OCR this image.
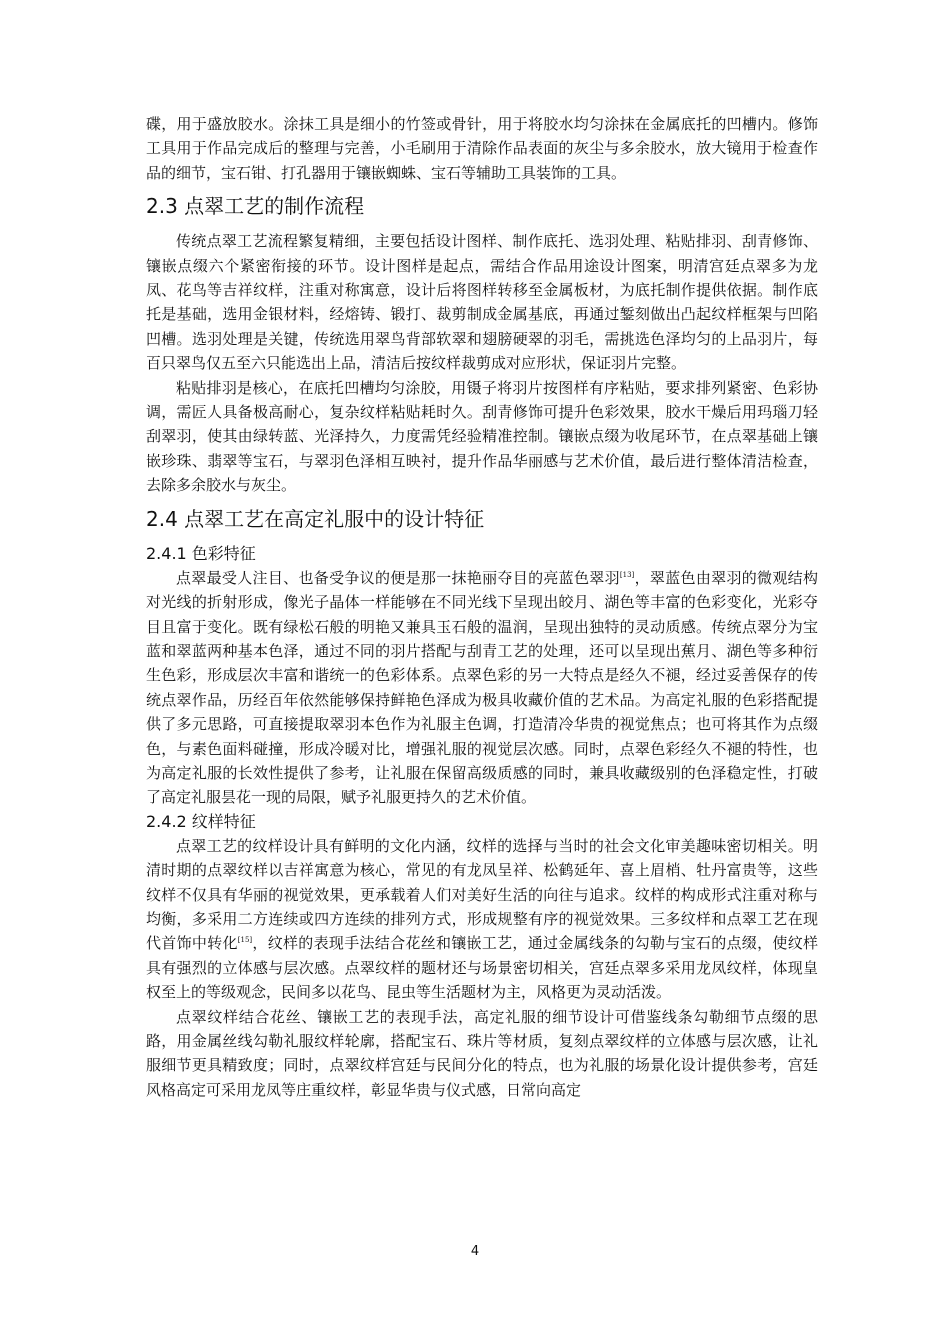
碟，用于盛放胶水。涂抹工具是细小的竹签或骨针，用于将胶水均匀涂抹在金属底托的凹槽内。修饰工具用于作品完成后的整理与完善，小毛刷用于清除作品表面的灰尘与多余胶水，放大镜用于检查作品的细节，宝石钳、打孔器用于镶嵌蜘蛛、宝石等辅助工具装饰的工具。

2.3 点翠工艺的制作流程

传统点翠工艺流程繁复精细，主要包括设计图样、制作底托、选羽处理、粘贴排羽、刮青修饰、镶嵌点缀六个紧密衔接的环节。设计图样是起点，需结合作品用途设计图案，明清宫廷点翠多为龙凤、花鸟等吉祥纹样，注重对称寓意，设计后将图样转移至金属板材，为底托制作提供依据。制作底托是基础，选用金银材料，经熔铸、锻打、裁剪制成金属基底，再通过錾刻做出凸起纹样框架与凹陷凹槽。选羽处理是关键，传统选用翠鸟背部软翠和翅膀硬翠的羽毛，需挑选色泽均匀的上品羽片，每百只翠鸟仅五至六只能选出上品，清洁后按纹样裁剪成对应形状，保证羽片完整。

粘贴排羽是核心，在底托凹槽均匀涂胶，用镊子将羽片按图样有序粘贴，要求排列紧密、色彩协调，需匠人具备极高耐心，复杂纹样粘贴耗时久。刮青修饰可提升色彩效果，胶水干燥后用玛瑙刀轻刮翠羽，使其由绿转蓝、光泽持久，力度需凭经验精准控制。镶嵌点缀为收尾环节，在点翠基础上镶嵌珍珠、翡翠等宝石，与翠羽色泽相互映衬，提升作品华丽感与艺术价值，最后进行整体清洁检查，去除多余胶水与灰尘。

2.4 点翠工艺在高定礼服中的设计特征
2.4.1 色彩特征

点翠最受人注目、也备受争议的便是那一抹艳丽夺目的亮蓝色翠羽[13]，翠蓝色由翠羽的微观结构对光线的折射形成，像光子晶体一样能够在不同光线下呈现出皎月、湖色等丰富的色彩变化，光彩夺目且富于变化。既有绿松石般的明艳又兼具玉石般的温润，呈现出独特的灵动质感。传统点翠分为宝蓝和翠蓝两种基本色泽，通过不同的羽片搭配与刮青工艺的处理，还可以呈现出蕉月、湖色等多种衍生色彩，形成层次丰富和谐统一的色彩体系。点翠色彩的另一大特点是经久不褪，经过妥善保存的传统点翠作品，历经百年依然能够保持鲜艳色泽成为极具收藏价值的艺术品。为高定礼服的色彩搭配提供了多元思路，可直接提取翠羽本色作为礼服主色调，打造清冷华贵的视觉焦点；也可将其作为点缀色，与素色面料碰撞，形成冷暖对比，增强礼服的视觉层次感。同时，点翠色彩经久不褪的特性，也为高定礼服的长效性提供了参考，让礼服在保留高级质感的同时，兼具收藏级别的色泽稳定性，打破了高定礼服昙花一现的局限，赋予礼服更持久的艺术价值。

2.4.2 纹样特征

点翠工艺的纹样设计具有鲜明的文化内涵，纹样的选择与当时的社会文化审美趣味密切相关。明清时期的点翠纹样以吉祥寓意为核心，常见的有龙凤呈祥、松鹤延年、喜上眉梢、牡丹富贵等，这些纹样不仅具有华丽的视觉效果，更承载着人们对美好生活的向往与追求。纹样的构成形式注重对称与均衡，多采用二方连续或四方连续的排列方式，形成规整有序的视觉效果。三多纹样和点翠工艺在现代首饰中转化[15]，纹样的表现手法结合花丝和镶嵌工艺，通过金属线条的勾勒与宝石的点缀，使纹样具有强烈的立体感与层次感。点翠纹样的题材还与场景密切相关，宫廷点翠多采用龙凤纹样，体现皇权至上的等级观念，民间多以花鸟、昆虫等生活题材为主，风格更为灵动活泼。

点翠纹样结合花丝、镶嵌工艺的表现手法，高定礼服的细节设计可借鉴线条勾勒细节点缀的思路，用金属丝线勾勒礼服纹样轮廓，搭配宝石、珠片等材质，复刻点翠纹样的立体感与层次感，让礼服细节更具精致度；同时，点翠纹样宫廷与民间分化的特点，也为礼服的场景化设计提供参考，宫廷风格高定可采用龙凤等庄重纹样，彰显华贵与仪式感，日常向高定

4
